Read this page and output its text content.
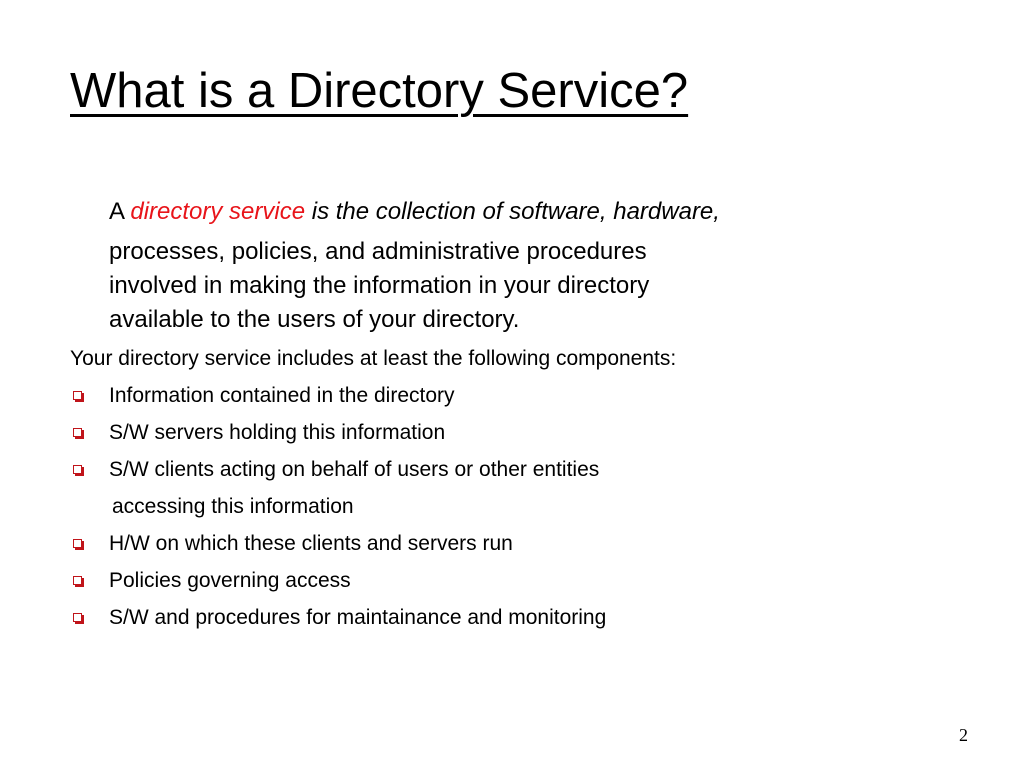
What is a Directory Service?
A directory service is the collection of software, hardware,
processes, policies, and administrative procedures
involved in making the information in your directory
available to the users of your directory.
Your directory service includes at least the following components:
Information contained in the directory
S/W servers holding this information
S/W clients acting on behalf of users or other entities
accessing this information
H/W on which these clients and servers run
Policies governing access
S/W and procedures for maintainance and monitoring
2
